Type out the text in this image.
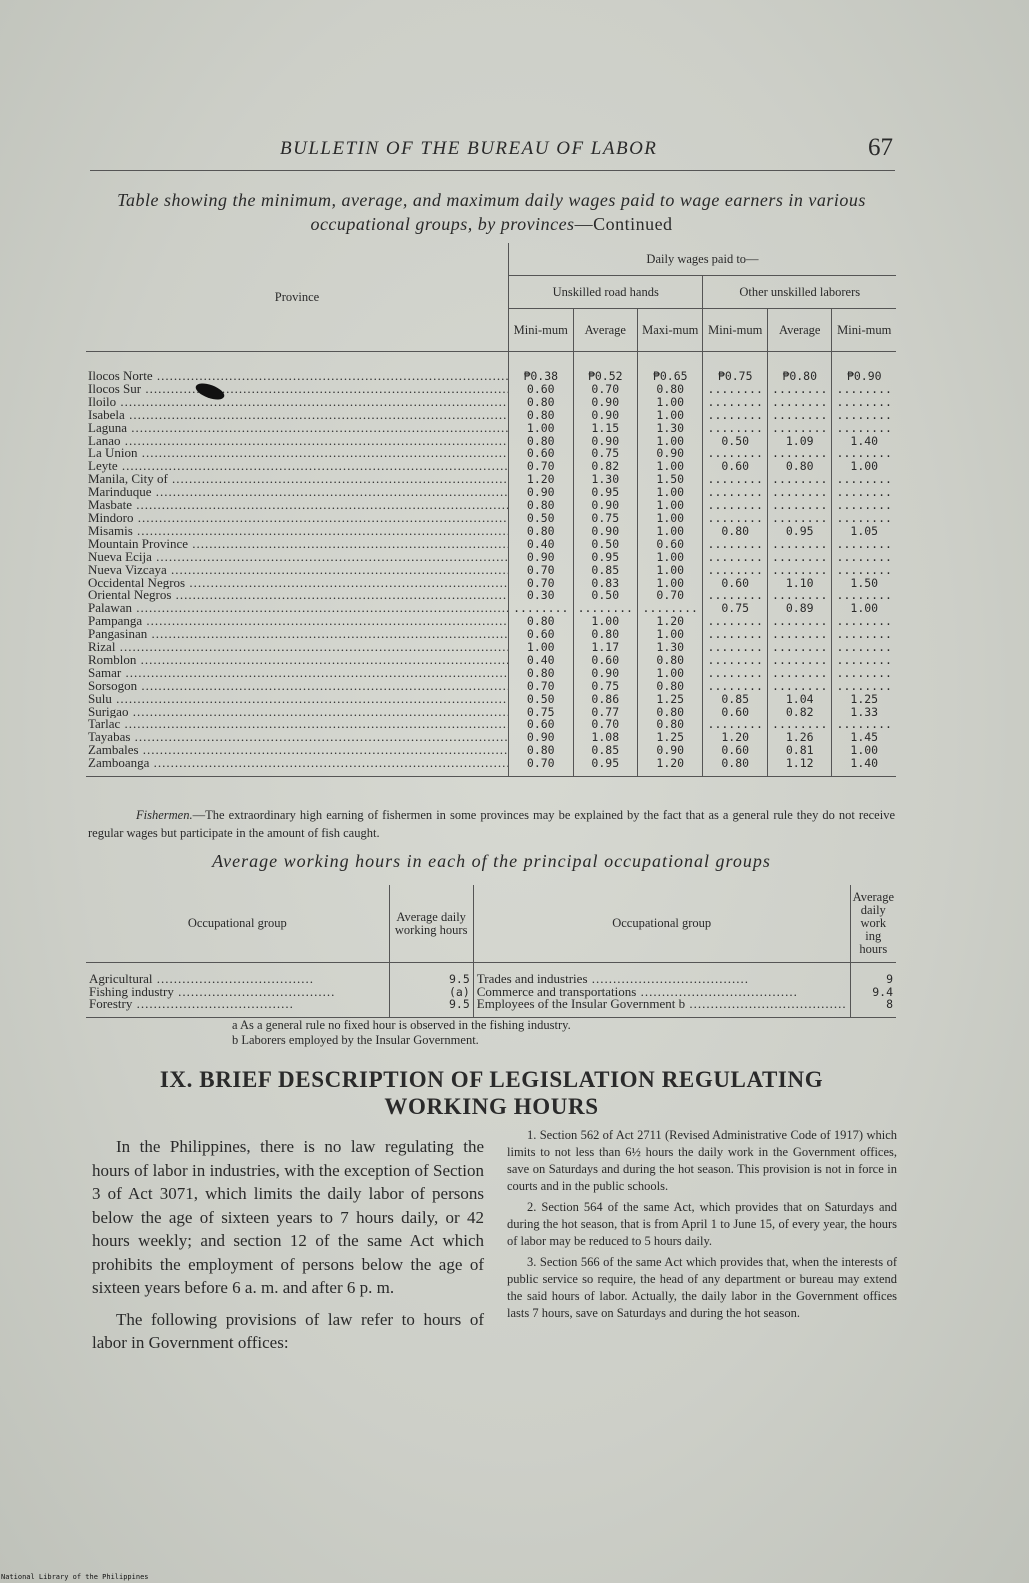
BULLETIN OF THE BUREAU OF LABOR	67
Table showing the minimum, average, and maximum daily wages paid to wage earners in various occupational groups, by provinces—Continued
Province	Daily wages paid to—					
	Unskilled road hands			Other unskilled laborers		
	Mini-mum	Average	Maxi-mum	Mini-mum	Average	Mini-mum
Ilocos Norte .....	₱0.38	₱0.52	₱0.65	₱0.75	₱0.80	₱0.90
Ilocos Sur .....	0.60	0.70	0.80	........	........	........
Iloilo .....	0.80	0.90	1.00	........	........	........
Isabela .....	0.80	0.90	1.00	........	........	........
Laguna .....	1.00	1.15	1.30	........	........	........
Lanao .....	0.80	0.90	1.00	0.50	1.09	1.40
La Union .....	0.60	0.75	0.90	........	........	........
Leyte .....	0.70	0.82	1.00	0.60	0.80	1.00
Manila, City of .....	1.20	1.30	1.50	........	........	........
Marinduque .....	0.90	0.95	1.00	........	........	........
Masbate .....	0.80	0.90	1.00	........	........	........
Mindoro .....	0.50	0.75	1.00	........	........	........
Misamis .....	0.80	0.90	1.00	0.80	0.95	1.05
Mountain Province .....	0.40	0.50	0.60	........	........	........
Nueva Ecija .....	0.90	0.95	1.00	........	........	........
Nueva Vizcaya .....	0.70	0.85	1.00	........	........	........
Occidental Negros .....	0.70	0.83	1.00	0.60	1.10	1.50
Oriental Negros .....	0.30	0.50	0.70	........	........	........
Palawan .....	........	........	........	0.75	0.89	1.00
Pampanga .....	0.80	1.00	1.20	........	........	........
Pangasinan .....	0.60	0.80	1.00	........	........	........
Rizal .....	1.00	1.17	1.30	........	........	........
Romblon .....	0.40	0.60	0.80	........	........	........
Samar .....	0.80	0.90	1.00	........	........	........
Sorsogon .....	0.70	0.75	0.80	........	........	........
Sulu .....	0.50	0.86	1.25	0.85	1.04	1.25
Surigao .....	0.75	0.77	0.80	0.60	0.82	1.33
Tarlac .....	0.60	0.70	0.80	........	........	........
Tayabas .....	0.90	1.08	1.25	1.20	1.26	1.45
Zambales .....	0.80	0.85	0.90	0.60	0.81	1.00
Zamboanga .....	0.70	0.95	1.20	0.80	1.12	1.40

Fishermen.—The extraordinary high earning of fishermen in some provinces may be explained by the fact that as a general rule they do not receive regular wages but participate in the amount of fish caught.

Average working hours in each of the principal occupational groups
Occupational group	Average daily working hours	Occupational group	Average daily work ing hours
Agricultural .....	9.5	Trades and industries .....	9
Fishing industry .....	(a)	Commerce and transportations .....	9.4
Forestry .....	9.5	Employees of the Insular Government b .....	8
a As a general rule no fixed hour is observed in the fishing industry.
b Laborers employed by the Insular Government.
IX. BRIEF DESCRIPTION OF LEGISLATION REGULATING
WORKING HOURS

In the Philippines, there is no law regulating the hours of labor in industries, with the exception of Section 3 of Act 3071, which limits the daily labor of persons below the age of sixteen years to 7 hours daily, or 42 hours weekly; and section 12 of the same Act which prohibits the employment of persons below the age of sixteen years before 6 a. m. and after 6 p. m.

The following provisions of law refer to hours of labor in Government offices:

1. Section 562 of Act 2711 (Revised Administrative Code of 1917) which limits to not less than 6½ hours the daily work in the Government offices, save on Saturdays and during the hot season. This provision is not in force in courts and in the public schools.

2. Section 564 of the same Act, which provides that on Saturdays and during the hot season, that is from April 1 to June 15, of every year, the hours of labor may be reduced to 5 hours daily.

3. Section 566 of the same Act which provides that, when the interests of public service so require, the head of any department or bureau may extend the said hours of labor. Actually, the daily labor in the Government offices lasts 7 hours, save on Saturdays and during the hot season.

National Library of the Philippines
